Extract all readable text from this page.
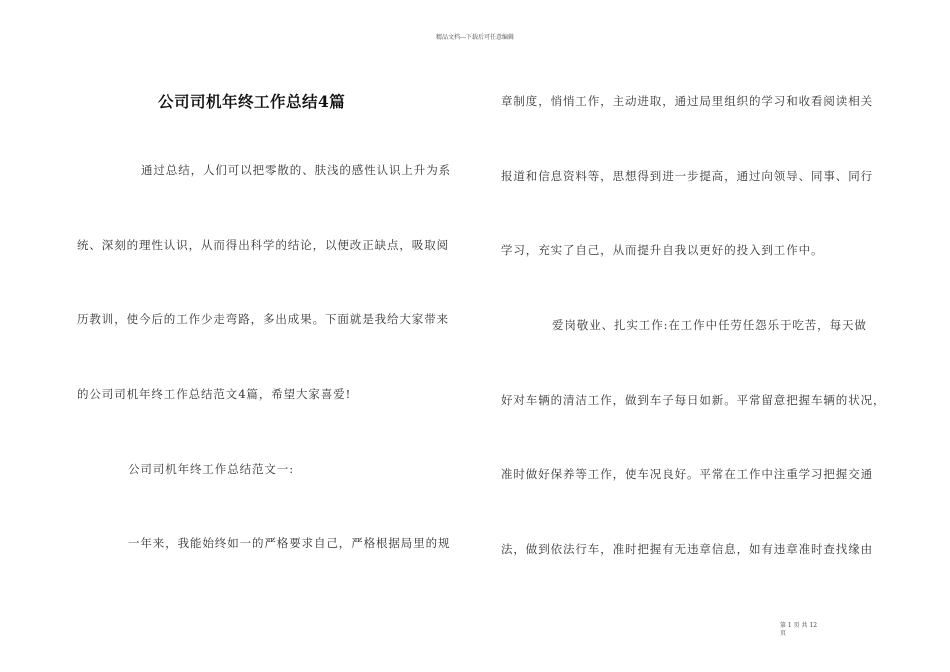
精品文档---下载后可任意编辑
公司司机年终工作总结4篇
通过总结，人们可以把零散的、肤浅的感性认识上升为系
统、深刻的理性认识，从而得出科学的结论，以便改正缺点，吸取阅
历教训，使今后的工作少走弯路，多出成果。下面就是我给大家带来
的公司司机年终工作总结范文4篇，希望大家喜爱!
公司司机年终工作总结范文一:
一年来，我能始终如一的严格要求自己，严格根据局里的规
章制度，悄悄工作，主动进取，通过局里组织的学习和收看阅读相关
报道和信息资料等，思想得到进一步提高，通过向领导、同事、同行
学习，充实了自己，从而提升自我以更好的投入到工作中。
爱岗敬业、扎实工作:在工作中任劳任怨乐于吃苦，每天做
好对车辆的清洁工作，做到车子每日如新。平常留意把握车辆的状况，
准时做好保养等工作，使车况良好。平常在工作中注重学习把握交通
法，做到依法行车，准时把握有无违章信息，如有违章准时查找缘由
第 1 页 共 12
页
